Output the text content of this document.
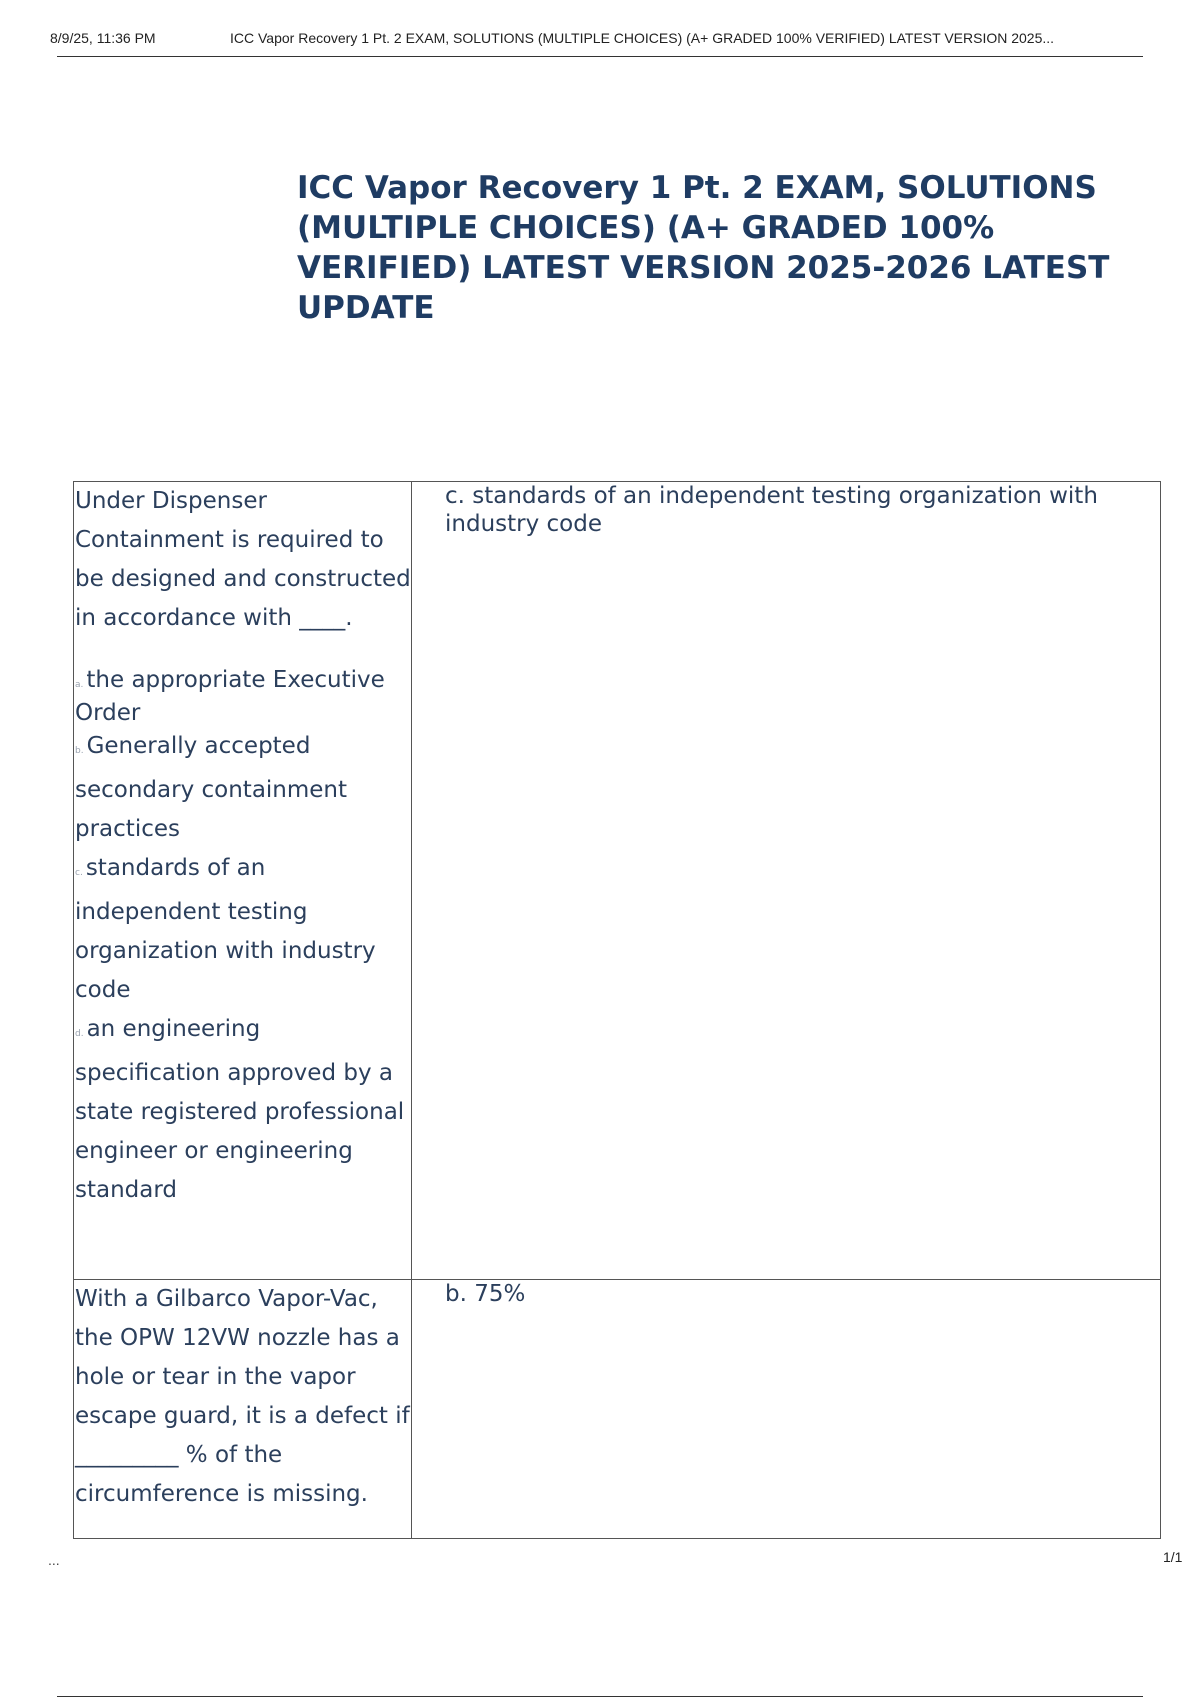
8/9/25, 11:36 PM	ICC Vapor Recovery 1 Pt. 2 EXAM, SOLUTIONS (MULTIPLE CHOICES) (A+ GRADED 100% VERIFIED) LATEST VERSION 2025...
ICC Vapor Recovery 1 Pt. 2 EXAM, SOLUTIONS (MULTIPLE CHOICES) (A+ GRADED 100% VERIFIED) LATEST VERSION 2025-2026 LATEST UPDATE
Under Dispenser Containment is required to be designed and constructed in accordance with ____.
a. the appropriate Executive Order
b. Generally accepted secondary containment practices
c. standards of an independent testing organization with industry code
d. an engineering specification approved by a state registered professional engineer or engineering standard	c. standards of an independent testing organization with industry code

With a Gilbarco Vapor-Vac, the OPW 12VW nozzle has a hole or tear in the vapor escape guard, it is a defect if _________ % of the circumference is missing.	b. 75%
...	1/1
